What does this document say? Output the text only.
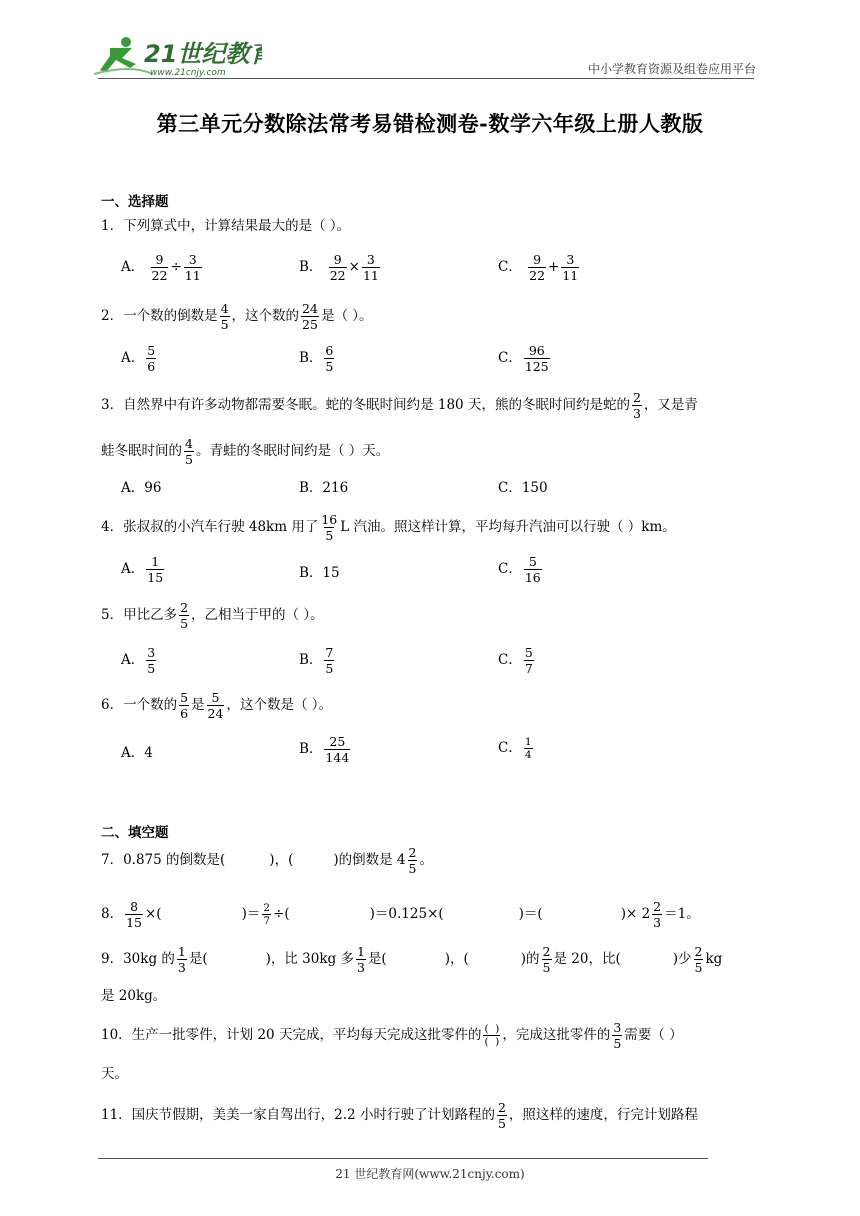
21世纪教育
www.21cnjy.com	中小学教育资源及组卷应用平台
第三单元分数除法常考易错检测卷-数学六年级上册人教版
一、选择题
1．下列算式中，计算结果最大的是（ ）。
A． $\frac{9}{22} \div \frac{3}{11}$	B． $\frac{9}{22} \times \frac{3}{11}$	C． $\frac{9}{22} + \frac{3}{11}$
2．一个数的倒数是 $\frac{4}{5}$ ，这个数的 $\frac{24}{25}$ 是（ ）。
A． $\frac{5}{6}$	B． $\frac{6}{5}$	C． $\frac{96}{125}$
3．自然界中有许多动物都需要冬眠。蛇的冬眠时间约是 180 天，熊的冬眠时间约是蛇的 $\frac{2}{3}$ ，又是青
蛙冬眠时间的 $\frac{4}{5}$ 。青蛙的冬眠时间约是（ ）天。
A．96	B．216	C．150
4．张叔叔的小汽车行驶 48km 用了 $\frac{16}{5}$ L 汽油。照这样计算，平均每升汽油可以行驶（ ）km。
A． $\frac{1}{15}$	B．15	C． $\frac{5}{16}$
5．甲比乙多 $\frac{2}{5}$ ，乙相当于甲的（ ）。
A． $\frac{3}{5}$	B． $\frac{7}{5}$	C． $\frac{5}{7}$
6．一个数的 $\frac{5}{6}$ 是 $\frac{5}{24}$ ，这个数是（ ）。
A．4	B． $\frac{25}{144}$	C． $\frac{1}{4}$
二、填空题
7．0.875 的倒数是(	)，(	)的倒数是 $4 \frac{2}{5}$ 。
8． $\frac{8}{15}$ ×(	)＝ $\frac{2}{7}$ ÷(	)＝0.125×(	)＝(	)× $2 \frac{2}{3} =1$。
9．30kg 的 $\frac{1}{3}$ 是(	)，比 30kg 多 $\frac{1}{3}$ 是(	)，(	)的 $\frac{2}{5}$ 是 20，比(	)少 $\frac{2}{5}$ kg
是 20kg。
10．生产一批零件，计划 20 天完成，平均每天完成这批零件的 $\frac{( )}{( )}$ ，完成这批零件的 $\frac{3}{5}$ 需要（ ）
天。
11．国庆节假期，美美一家自驾出行，2.2 小时行驶了计划路程的 $\frac{2}{5}$ ，照这样的速度，行完计划路程
21 世纪教育网(www.21cnjy.com)
